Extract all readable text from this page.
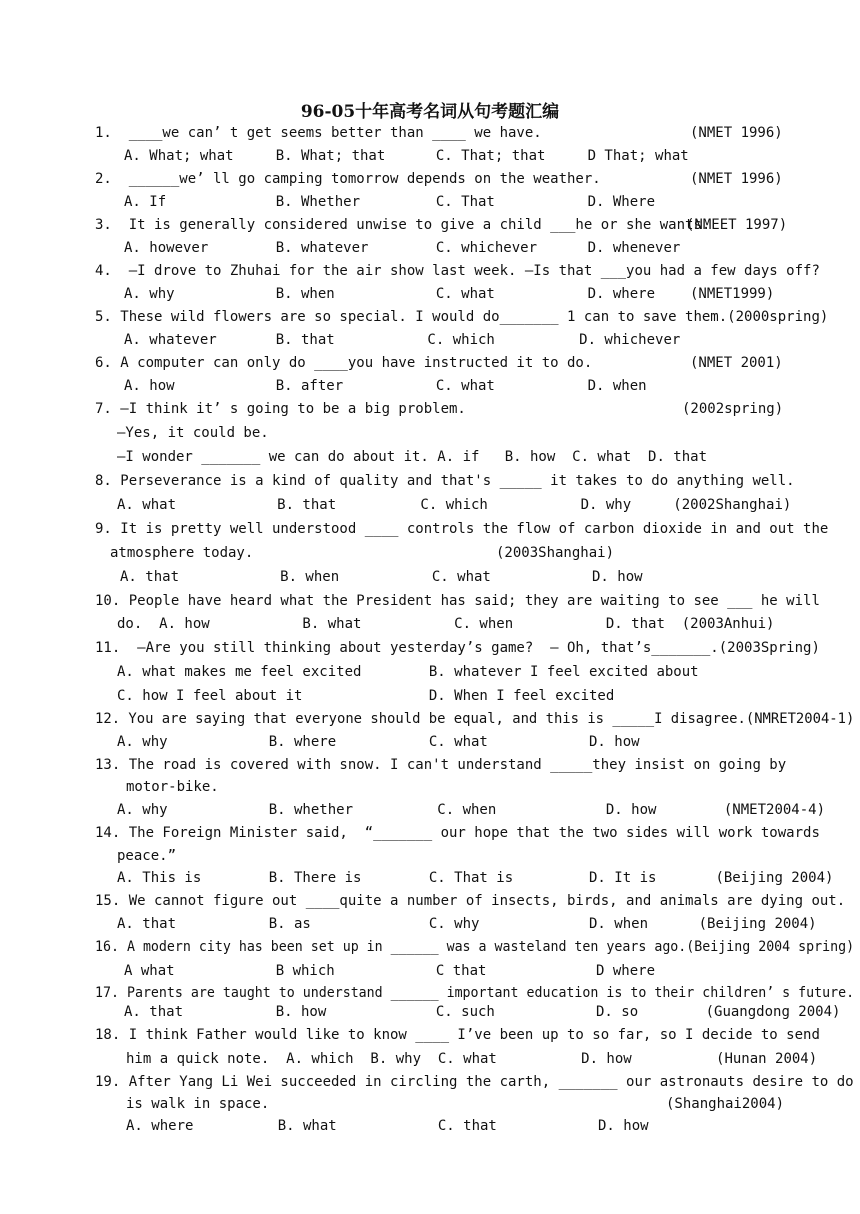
96-05十年高考名词从句考题汇编
1.  ____we can’ t get seems better than ____ we have.	(NMET 1996)
A. What; what     B. What; that      C. That; that     D That; what
2.  ______we’ ll go camping tomorrow depends on the weather.	(NMET 1996)
A. If             B. Whether         C. That           D. Where
3.  It is generally considered unwise to give a child ___he or she wants.
(NMEET 1997)
A. however        B. whatever        C. whichever      D. whenever
4.  —I drove to Zhuhai for the air show last week. —Is that ___you had a few days off?
A. why            B. when            C. what           D. where (NMET1999)
5. These wild flowers are so special. I would do_______ 1 can to save them.(2000spring)
A. whatever       B. that           C. which          D. whichever
6. A computer can only do ____you have instructed it to do.	(NMET 2001)
A. how            B. after           C. what           D. when
7. —I think it’ s going to be a big problem.	(2002spring)
—Yes, it could be.
—I wonder _______ we can do about it. A. if   B. how  C. what  D. that
8. Perseverance is a kind of quality and that's _____ it takes to do anything well.
A. what            B. that          C. which           D. why     (2002Shanghai)
9. It is pretty well understood ____ controls the flow of carbon dioxide in and out the
atmosphere today.	(2003Shanghai)
A. that            B. when           C. what            D. how
10. People have heard what the President has said; they are waiting to see ___ he will
do.  A. how           B. what           C. when           D. that  (2003Anhui)
11.  —Are you still thinking about yesterday’s game?  — Oh, that’s_______.(2003Spring)
A. what makes me feel excited        B. whatever I feel excited about
C. how I feel about it               D. When I feel excited
12. You are saying that everyone should be equal, and this is _____I disagree.(NMRET2004-1)
A. why            B. where           C. what            D. how
13. The road is covered with snow. I can't understand _____they insist on going by
motor-bike.
A. why            B. whether          C. when             D. how        (NMET2004-4)
14. The Foreign Minister said,  “_______ our hope that the two sides will work towards
peace.”
A. This is        B. There is        C. That is         D. It is       (Beijing 2004)
15. We cannot figure out ____quite a number of insects, birds, and animals are dying out.
A. that           B. as              C. why             D. when      (Beijing 2004)
16. A modern city has been set up in ______ was a wasteland ten years ago.(Beijing 2004 spring)
A what            B which            C that             D where
17. Parents are taught to understand ______ important education is to their children’ s future.
A. that           B. how             C. such            D. so        (Guangdong 2004)
18. I think Father would like to know ____ I’ve been up to so far, so I decide to send
him a quick note.  A. which  B. why  C. what          D. how          (Hunan 2004)
19. After Yang Li Wei succeeded in circling the carth, _______ our astronauts desire to do
is walk in space.	(Shanghai2004)
A. where          B. what            C. that            D. how
